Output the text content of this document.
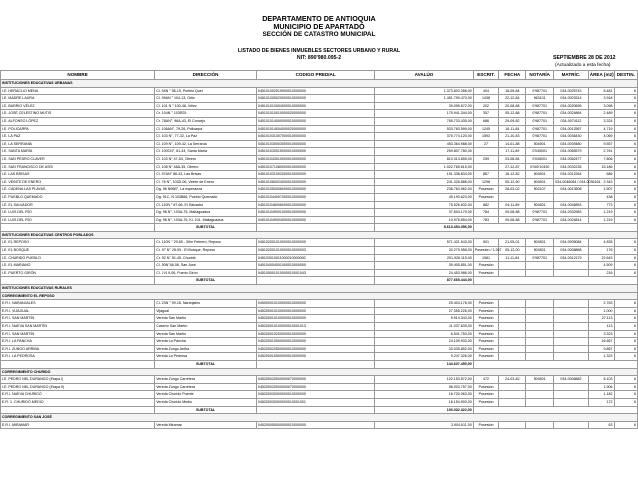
DEPARTAMENTO DE ANTIOQUIA
MUNICIPIO DE APARTADÓ
SECCIÓN DE CATASTRO MUNICIPAL
LISTADO DE BIENES INMUEBLES SECTORES URBANO Y RURAL
NIT: 890'980.095-2	SEPTIEMBRE 28 DE 2012
(Actualizado a esta fecha)
NOMBRE	DIRECCIÓN	CODIGO PREDIAL	AVALÚO	ESCRIT.	FECHA	NOTARÍA	MATRÍC.	ÁREA (m2)	DESTIN.
INSTITUCIONES EDUCATIVAS URBANAS									
I.E. HERACLIO MENA	Cl. 94N ° 98-19, Pueblo Quel	045101002019000010000000	1.373.603.356,00	404	16-09-84	0'987701	034-0025743	8.481	6
I.E. MADRE LAURA	Cl. 99AN ° 104-13, Ortiz	045101005020000010000000	1.451.790.470,00	1438	22-12-84	563101	034-0023314	3.918	6
I.E. BARRIO VÉLEZ	Cl. 101 N ° 100-48, Vélez	045101010004000010000000	39.095.672,00	202	20-08-88	0'987701	034-0020695	3.098	6
I.E. JOSÉ CELESTINO MUTIS	Cr. 104N ° 103R25	045101010010000020000000	175.941.344,00	357	05-12-88	0'987701	034-0024864	2.489	6
I.E. ALFONSO LÓPEZ	Cr. 78AN°, 96A-43, El Concejo	045101014000000010000000	765.733.435,00	686	29-09-82	0'987701	034-0074112	3.324	6
I.E. POLICARPA	Cl. 106AN°, 79-26, Policarpa	045101014004000020000000	533.783.599,00	1245	16-11-84	0'987701	034-0012567	4.719	6
I.E. LA PAZ	Cl. 103 N°, 77-32, La Paz	045101031007000010000000	375.774.120,00	1593	21-10-83	0'987701	034-0036430	4.069	6
I.E. LA SERRANÍA	Cl. 109 N°, 109-42, La Serranía	045101030003000010000000	453.364.988,00	27	14-01-88	504501	034-0039480	9.557	6
I.E. SANTA MARÍA	Cl. 100CN°, 81-44, Santa María	045101030015000010000000	259.807.780,00		17-11-89	0'045001	034-0065579	2.761	6
I.E. SAN PEDRO CLAVER	Cl. 103 N° 47-54, Obrero	045101043010000010000000	810.313.655,00	259	03-08-84	0'045001	034-0062477	7.806	6
I.E. SAN FRANCISCO DE ASÍS	Cl. 108 N° 48A-35, Obrero	045101071080000010000000	1.022.765.615,00		27-12-87	0'045'10430	034-0032235	15.186	6
I.E. LAS BRISAS	Cl. 97AN° 86-43, Las Brisas	045101031002000010000000	191.336.834,00	867	16-12-82	504501	034-0012264	686	6
I.E. VEINTE DE ENERO	Cl. 76 N°, 103D-06, Veinte de Enero	045101060024000010000000	241.326.886,00	1298	05-12-90	504501	034-0046084 / 034-0036164	2.343	6
I.E. CADENA LAS PLAYAS	Dg. 98 N96B°, La esperanza	045101050006000010000000	236.763.962,00	Posesión	28-03-02	502107	034-0013508	1.507	6
I.E. PUEBLO QUEMADO	Dg. 91C, N 103B66, Pueblo Quemado	045101044007000010000000	45.190.623,00	Posesión				438	6
I.E. EL SALVADOR	Cl. 110N ° 87-66, El Salvador	045101048006000010000000	75.526.832,00	882	04-11-89	504501	034-0046853	773	6
I.E. LUIS DEL RÍO	Dg. 98 N°, 103A-75, Maltaguadua	045101049001000010000000	37.604.179,00	784	09-08-88	0'987701	034-0032983	1.219	6
I.E. LUIS DEL RÍO	Dg. 98 N°, 103A-75, Kl. 101, Maltaguadua	045101049004000010000000	10.976.854,00	783	09-08-88	0'987701	034-0024814	1.219	6
	SUBTOTAL		8.613.454.356,00						
INSTITUCIONES EDUCATIVAS CENTROS POBLADOS									
I.E. EL REPOSO	Cr. 110N ° 29-65 - 30m Febrero, Reposo	045102001010000010000000	571.421.543,00	501	21-05-01	504501	034-0005084	4.835	6
I.E. EL BOSQUE	Cr. 97 N° 28-05 - El Bosque, Reposo	045102001010000010000003	30.279.958,00	Posesión / 1.267	05-12-00	504501	034-0008868	176	6
I.E. CHURIDÓ PUEBLO	Cr. 92 N° 51-45, Churidó	045103010011000010000000	201.926.115,00	1581	11-11-84	0'987701	034-0012179	22.643	6
I.E. EL MARIANO	Cl. 50N°48-06, San José	045104004001000010000000	39.405.851,00	Posesión				4.509	6
I.E. PUERTO GIRÓN	Cl. J N 9-06, Puerto Girón	045105001010000010001043	24.453.986,00	Posesión				216	6
	SUBTOTAL		877.665.444,00						
INSTITUCIONES EDUCATIVAS RURALES									
CORREGIMIENTO EL REPOSO									
E.R.I. NARANJALES	Cl. 23N ° 99-18, Naranjales	045000010100000010000000	25.404.176,00	Posesión				2.763	6
E.R.I. VIJAGUAL	Vijagual	045200010100000010000000	27.355.226,00	Posesión				1.000	6
E.R.I. SAN MARTÍN	Vereda San Martín	045200010100000010000000	5.914.343,00	Posesión				27.113	6
E.R.I. NUEVA SAN MARTÍN	Caserío San Martín	045200010100000010001013	11.037.639,00	Posesión				113	6
E.R.I. SAN MARTÍN	Vereda San Martín	045200010200000010000000	6.541.753,00	Posesión				3.323	6
E.R.I. LA PANCHA	Vereda La Pancha	045200010500000010000000	24.109.933,00	Posesión				16.667	6
E.R.I. ZUNGO ARRIBA	Vereda Zungo Arriba	045200020500000010000000	33.035.852,00	Posesión				9.867	6
E.R.I. LA PEDROSA	Vereda La Pedrosa	045200010500000010000000	9.247.326,00	Posesión				1.323	6
	SUBTOTAL		144.637.450,00						
CORREGIMIENTO CHURIDÓ									
I.E. PEDRO NEL DURANGO (Etapa I)	Vereda Zungo Carretera	045200020000000070000000	102.153.572,00	472	24-03-82	504501	034-0006882	6.103	6
I.E. PEDRO NEL DURANGO (Etapa II)	Vereda Zungo Carretera	045200020000000070000000	58.003.757,00	Posesión				1.906	6
E.R.I. NUEVA CHURIDÓ	Vereda Churidó Puente	045200030000000010000000	16.720.063,00	Posesión				1.182	6
E.R. 1. CHURIDÓ MEDIO	Vereda Churidó Medio	045200030000000010001001	16.154.900,00	Posesión				172	6
	SUBTOTAL		193.032.322,00						
CORREGIMIENTO SAN JOSÉ									
E.R.I. MIRAMAR	Vereda Miramar	045200050000000010000000	3.904.611,00	Posesión				63	6
